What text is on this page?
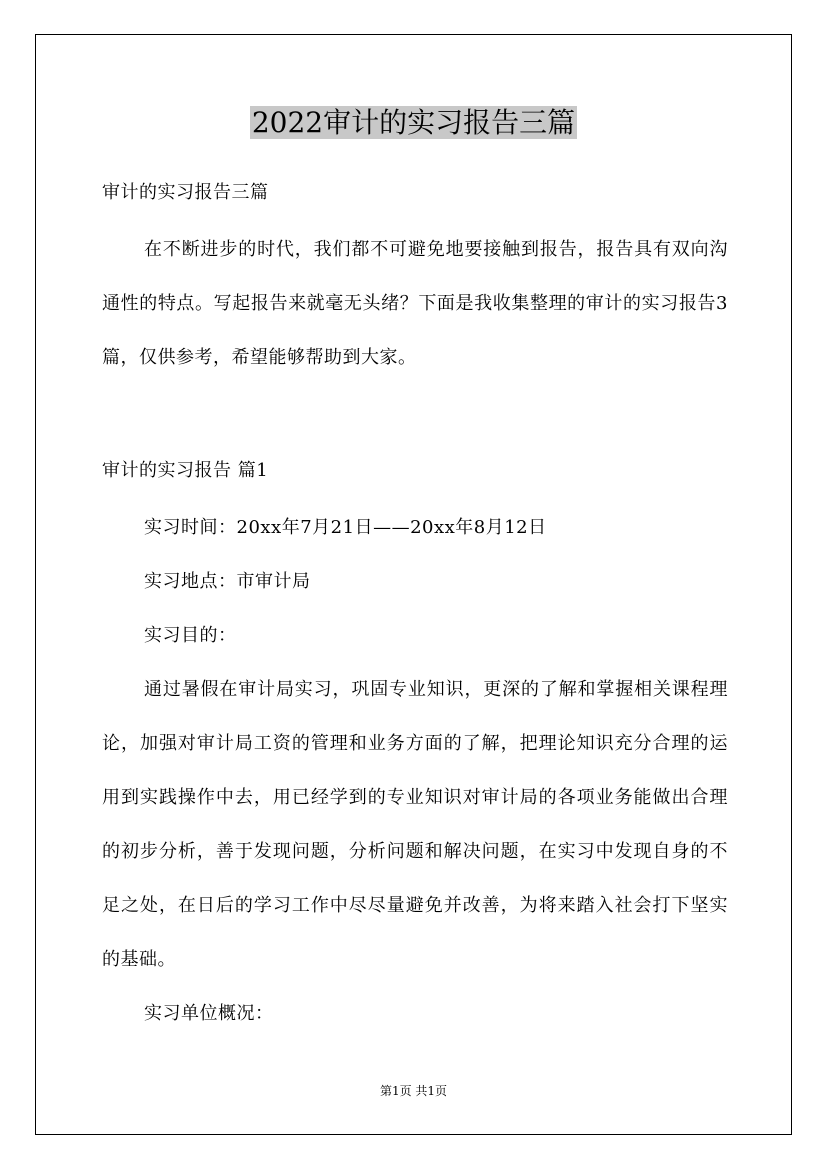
2022审计的实习报告三篇

审计的实习报告三篇

在不断进步的时代，我们都不可避免地要接触到报告，报告具有双向沟通性的特点。写起报告来就毫无头绪？下面是我收集整理的审计的实习报告3篇，仅供参考，希望能够帮助到大家。

审计的实习报告 篇1

实习时间：20xx年7月21日——20xx年8月12日

实习地点：市审计局

实习目的：

通过暑假在审计局实习，巩固专业知识，更深的了解和掌握相关课程理论，加强对审计局工资的管理和业务方面的了解，把理论知识充分合理的运用到实践操作中去，用已经学到的专业知识对审计局的各项业务能做出合理的初步分析，善于发现问题，分析问题和解决问题，在实习中发现自身的不足之处，在日后的学习工作中尽尽量避免并改善，为将来踏入社会打下坚实的基础。

实习单位概况：

第1页 共1页
